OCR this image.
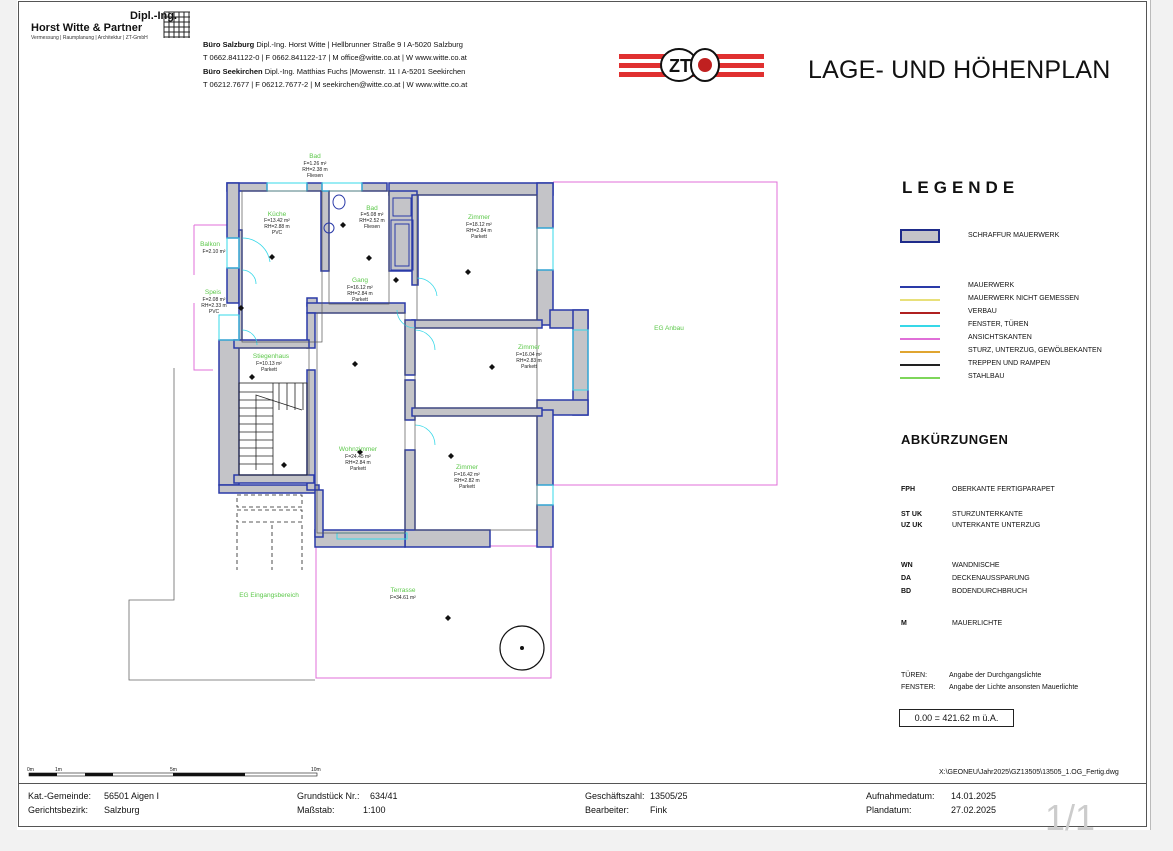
Dipl.-Ing.
Horst Witte & Partner
Vermessung | Raumplanung | Architektur | ZT-GmbH
Büro Salzburg Dipl.-Ing. Horst Witte | Hellbrunner Straße 9 I A-5020 Salzburg
T 0662.841122-0 | F 0662.841122-17 | M office@witte.co.at | W www.witte.co.at
Büro Seekirchen Dipl.-Ing. Matthias Fuchs |Mowenstr. 11 I A-5201 Seekirchen
T 06212.7677 | F 06212.7677-2 | M seekirchen@witte.co.at | W www.witte.co.at
ZT	LAGE- UND HÖHENPLAN
Bad
F=1.26 m²
RH=2.38 m
Fliesen
Küche
F=13.42 m²
RH=2.88 m
PVC
Bad
F=5.08 m²
RH=2.52 m
Fliesen
Zimmer
F=18.12 m²
RH=2.84 m
Parkett
Balkon
F=2.10 m²
Speis
F=2.08 m²
RH=2.33 m
PVC
Gang
F=16.12 m²
RH=2.84 m
Parkett
Zimmer
F=16.04 m²
RH=2.83 m
Parkett
Stiegenhaus
F=10.13 m²
Parkett
Wohnzimmer
F=24.45 m²
RH=2.84 m
Parkett	Zimmer
F=16.42 m²
RH=2.82 m
Parkett
Terrasse
F=34.61 m²
EG Anbau
EG Eingangsbereich
0m	1m	5m	10m
LEGENDE
SCHRAFFUR MAUERWERK
MAUERWERK
MAUERWERK NICHT GEMESSEN
VERBAU
FENSTER, TÜREN
ANSICHTSKANTEN
STURZ, UNTERZUG, GEWÖLBEKANTEN
TREPPEN UND RAMPEN
STAHLBAU
ABKÜRZUNGEN
FPH	OBERKANTE FERTIGPARAPET
ST UK	STURZUNTERKANTE
UZ UK	UNTERKANTE UNTERZUG
WN	WANDNISCHE
DA	DECKENAUSSPARUNG
BD	BODENDURCHBRUCH
M	MAUERLICHTE
TÜREN:	Angabe der Durchgangslichte
FENSTER: Angabe der Lichte ansonsten Mauerlichte
0.00 = 421.62 m ü.A.
X:\GEONEU\Jahr2025\GZ13505\13505_1.OG_Fertig.dwg
Kat.-Gemeinde: 56501 Aigen I
Gerichtsbezirk: Salzburg
Grundstück Nr.: 634/41
Maßstab:	1:100
Geschäftszahl: 13505/25
Bearbeiter: Fink
Aufnahmedatum: 14.01.2025
Plandatum:	27.02.2025 1/1
